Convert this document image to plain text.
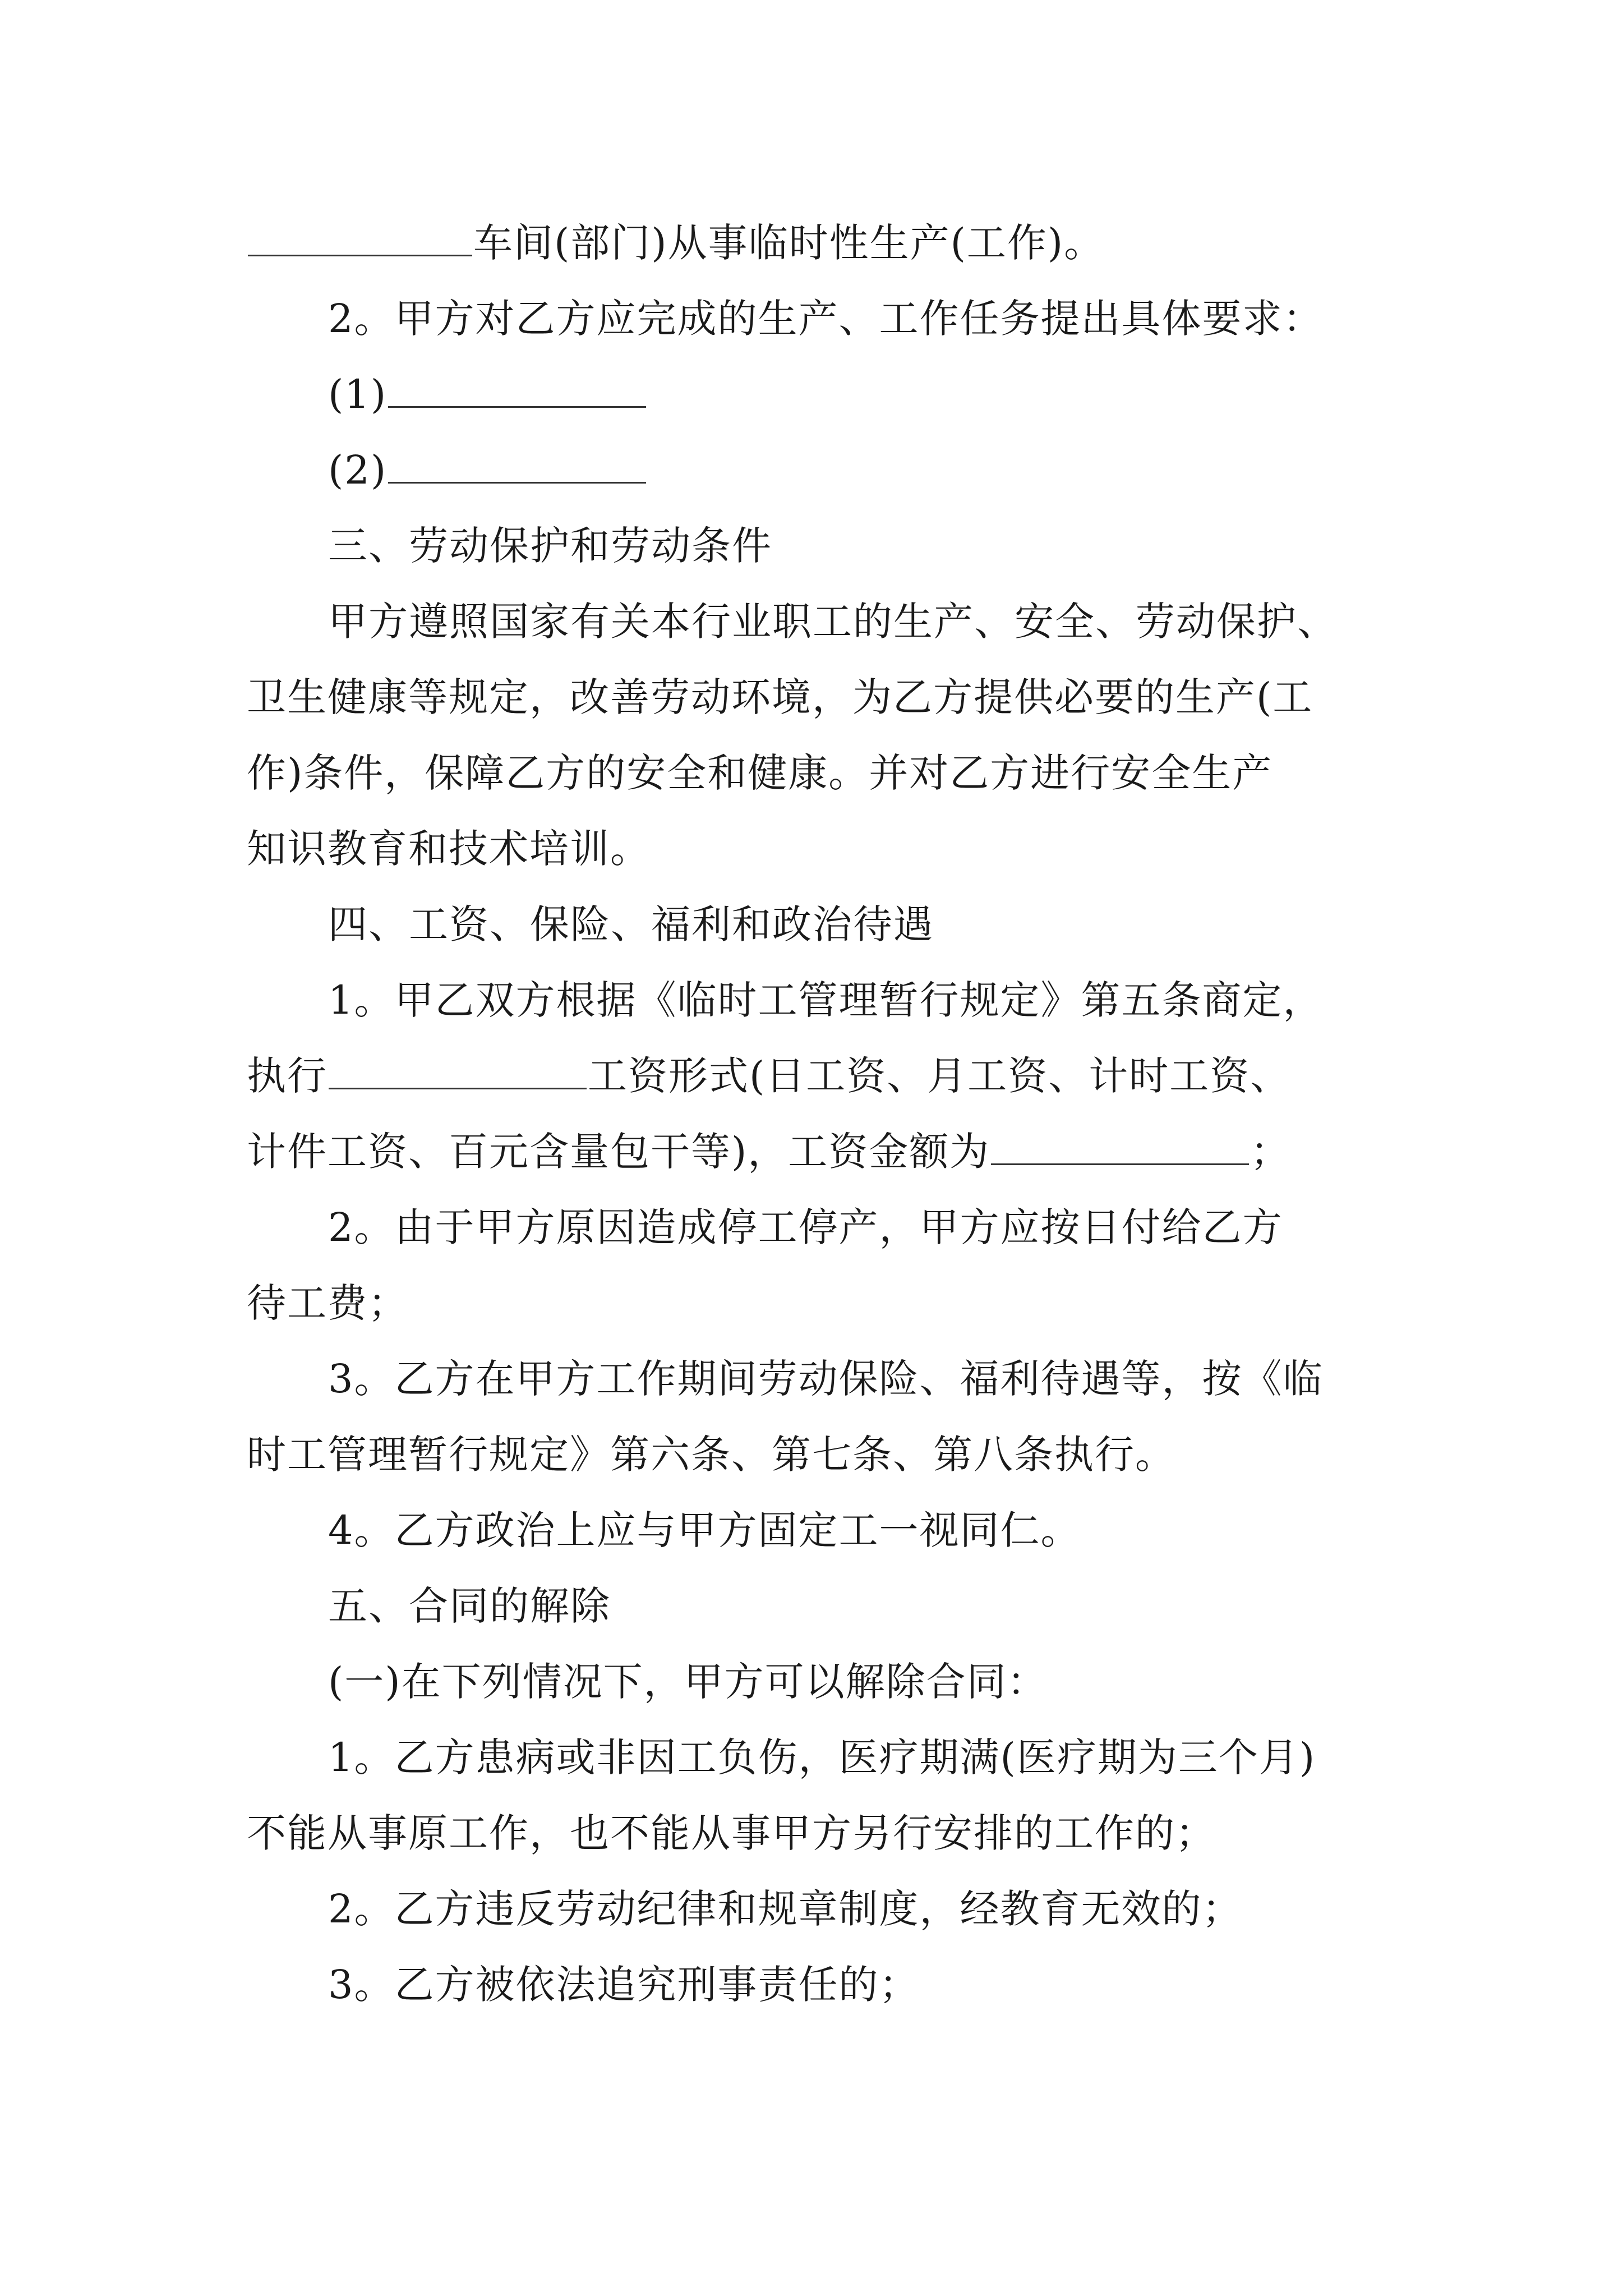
车间(部门)从事临时性生产(工作)。
2。甲方对乙方应完成的生产、工作任务提出具体要求：
(1)
(2)
三、劳动保护和劳动条件
甲方遵照国家有关本行业职工的生产、安全、劳动保护、
卫生健康等规定，改善劳动环境，为乙方提供必要的生产(工
作)条件，保障乙方的安全和健康。并对乙方进行安全生产
知识教育和技术培训。
四、工资、保险、福利和政治待遇
1。甲乙双方根据《临时工管理暂行规定》第五条商定，
执行	工资形式(日工资、月工资、计时工资、
计件工资、百元含量包干等)，工资金额为	；
2。由于甲方原因造成停工停产，甲方应按日付给乙方
待工费；
3。乙方在甲方工作期间劳动保险、福利待遇等，按《临
时工管理暂行规定》第六条、第七条、第八条执行。
4。乙方政治上应与甲方固定工一视同仁。
五、合同的解除
(一)在下列情况下，甲方可以解除合同：
1。乙方患病或非因工负伤，医疗期满(医疗期为三个月)
不能从事原工作，也不能从事甲方另行安排的工作的；
2。乙方违反劳动纪律和规章制度，经教育无效的；
3。乙方被依法追究刑事责任的；
